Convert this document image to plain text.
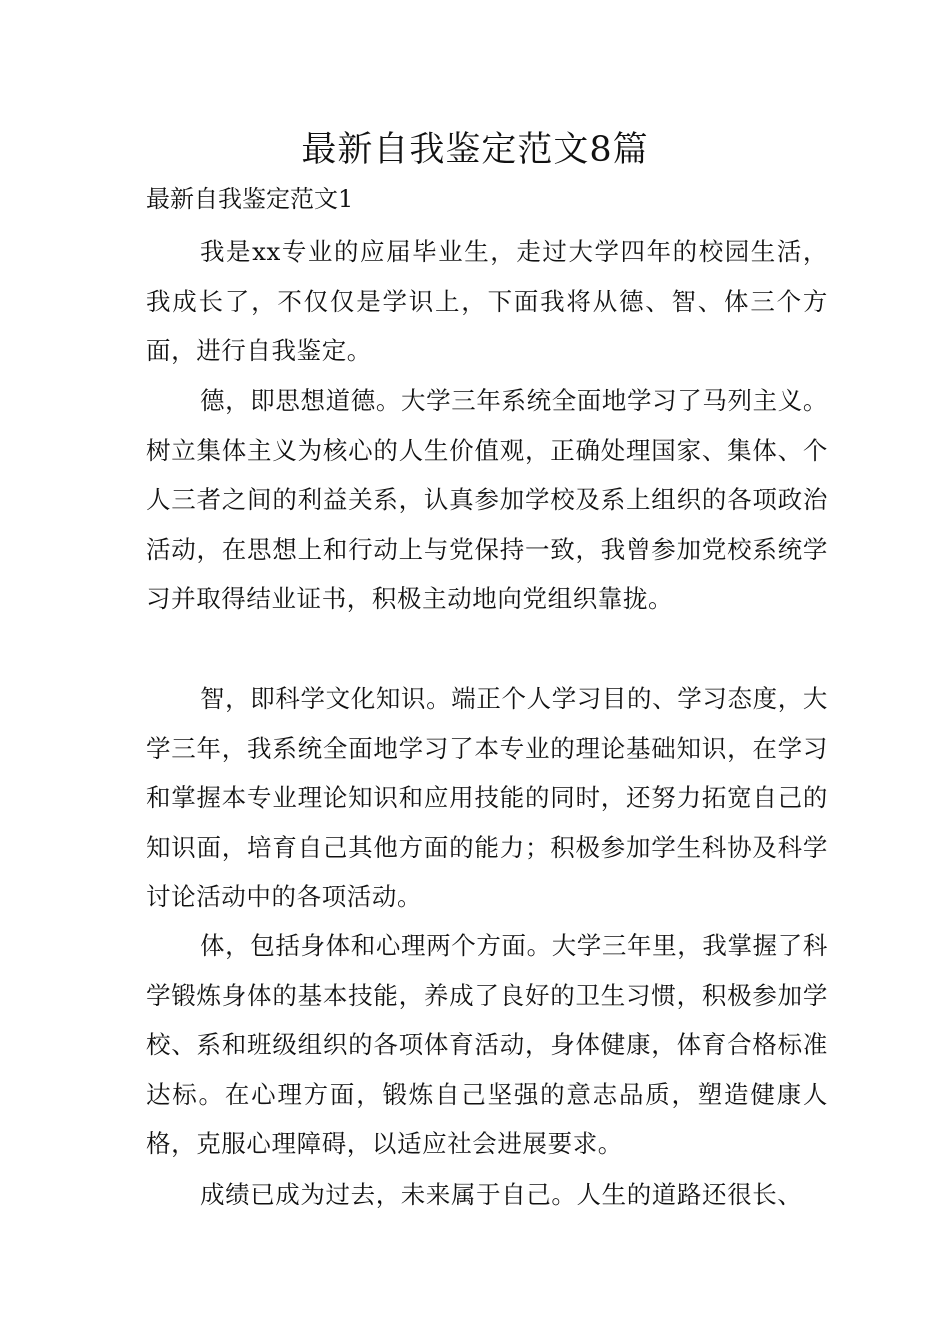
最新自我鉴定范文8篇
最新自我鉴定范文1

我是xx专业的应届毕业生，走过大学四年的校园生活，我成长了，不仅仅是学识上，下面我将从德、智、体三个方面，进行自我鉴定。

德，即思想道德。大学三年系统全面地学习了马列主义。树立集体主义为核心的人生价值观，正确处理国家、集体、个人三者之间的利益关系，认真参加学校及系上组织的各项政治活动，在思想上和行动上与党保持一致，我曾参加党校系统学习并取得结业证书，积极主动地向党组织靠拢。

智，即科学文化知识。端正个人学习目的、学习态度，大学三年，我系统全面地学习了本专业的理论基础知识，在学习和掌握本专业理论知识和应用技能的同时，还努力拓宽自己的知识面，培育自己其他方面的能力；积极参加学生科协及科学讨论活动中的各项活动。

体，包括身体和心理两个方面。大学三年里，我掌握了科学锻炼身体的基本技能，养成了良好的卫生习惯，积极参加学校、系和班级组织的各项体育活动，身体健康，体育合格标准达标。在心理方面，锻炼自己坚强的意志品质，塑造健康人格，克服心理障碍，以适应社会进展要求。

成绩已成为过去，未来属于自己。人生的道路还很长、
